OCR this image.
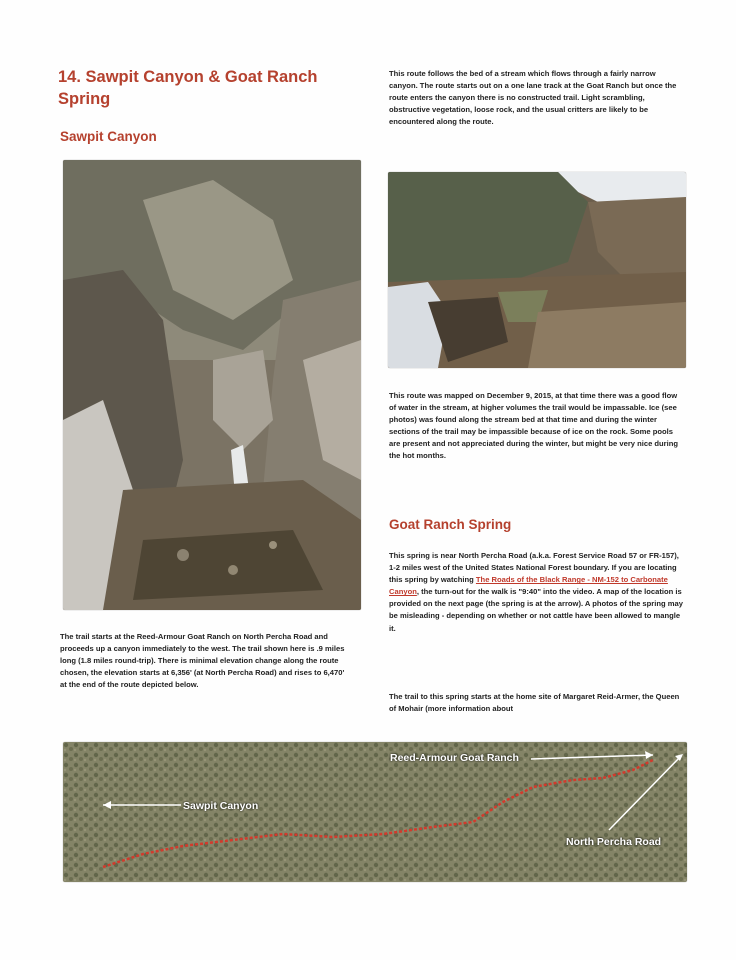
14. Sawpit Canyon & Goat Ranch Spring
Sawpit Canyon

The trail starts at the Reed-Armour Goat Ranch on North Percha Road and proceeds up a canyon immediately to the west. The trail shown here is .9 miles long (1.8 miles round-trip). There is minimal elevation change along the route chosen, the elevation starts at 6,356' (at North Percha Road) and rises to 6,470' at the end of the route depicted below.

This route follows the bed of a stream which flows through a fairly narrow canyon. The route starts out on a one lane track at the Goat Ranch but once the route enters the canyon there is no constructed trail. Light scrambling, obstructive vegetation, loose rock, and the usual critters are likely to be encountered along the route.

This route was mapped on December 9, 2015, at that time there was a good flow of water in the stream, at higher volumes the trail would be impassable. Ice (see photos) was found along the stream bed at that time and during the winter sections of the trail may be impassible because of ice on the rock. Some pools are present and not appreciated during the winter, but might be very nice during the hot months.

Goat Ranch Spring

This spring is near North Percha Road (a.k.a. Forest Service Road 57 or FR-157), 1-2 miles west of the United States National Forest boundary. If you are locating this spring by watching The Roads of the Black Range - NM-152 to Carbonate Canyon, the turn-out for the walk is "9:40" into the video. A map of the location is provided on the next page (the spring is at the arrow). A photos of the spring may be misleading - depending on whether or not cattle have been allowed to mangle it.

The trail to this spring starts at the home site of Margaret Reid-Armer, the Queen of Mohair (more information about

Reed-Armour Goat Ranch
Sawpit Canyon
North Percha Road
